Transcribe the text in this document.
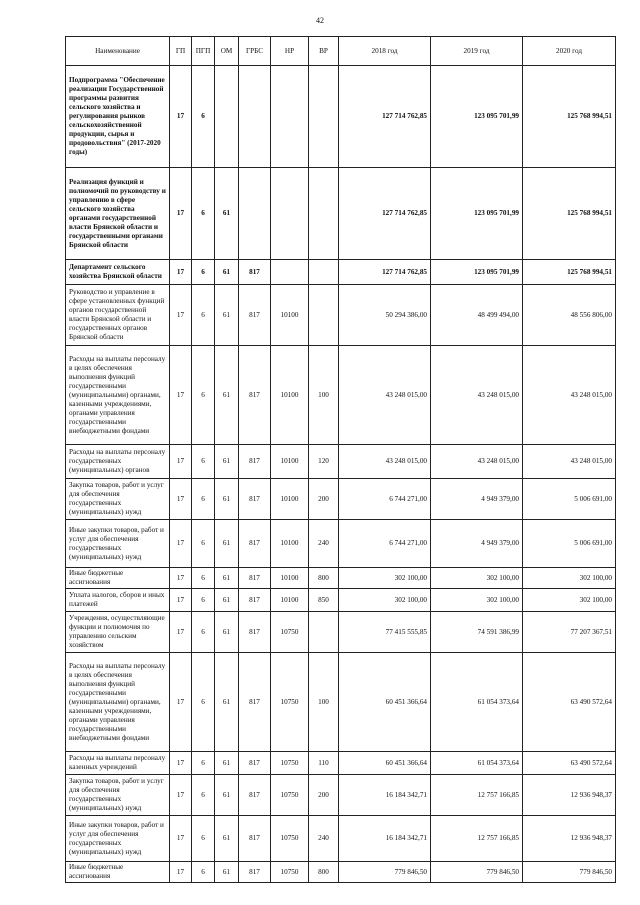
42
Наименование	ГП	ПГП	ОМ	ГРБС	НР	ВР	2018 год	2019 год	2020 год
Подпрограмма "Обеспечение реализации Государственной программы развития сельского хозяйства и регулирования рынков сельскохозяйственной продукции, сырья и продовольствия" (2017-2020 годы)	17	6					127 714 762,85	123 095 701,99	125 768 994,51
Реализация функций и полномочий по руководству и управлению в сфере сельского хозяйства органами государственной власти Брянской области и государственными органами Брянской области	17	6	61				127 714 762,85	123 095 701,99	125 768 994,51
Департамент сельского хозяйства Брянской области	17	6	61	817			127 714 762,85	123 095 701,99	125 768 994,51
Руководство и управление в сфере установленных функций органов государственной власти Брянской области и государственных органов Брянской области	17	6	61	817	10100		50 294 386,00	48 499 494,00	48 556 806,00
Расходы на выплаты персоналу в целях обеспечения выполнения функций государственными (муниципальными) органами, казенными учреждениями, органами управления государственными внебюджетными фондами	17	6	61	817	10100	100	43 248 015,00	43 248 015,00	43 248 015,00
Расходы на выплаты персоналу государственных (муниципальных) органов	17	6	61	817	10100	120	43 248 015,00	43 248 015,00	43 248 015,00
Закупка товаров, работ и услуг для обеспечения государственных (муниципальных) нужд	17	6	61	817	10100	200	6 744 271,00	4 949 379,00	5 006 691,00
Иные закупки товаров, работ и услуг для обеспечения государственных (муниципальных) нужд	17	6	61	817	10100	240	6 744 271,00	4 949 379,00	5 006 691,00
Иные бюджетные ассигнования	17	6	61	817	10100	800	302 100,00	302 100,00	302 100,00
Уплата налогов, сборов и иных платежей	17	6	61	817	10100	850	302 100,00	302 100,00	302 100,00
Учреждения, осуществляющие функции и полномочия по управлению сельским хозяйством	17	6	61	817	10750		77 415 555,85	74 591 386,99	77 207 367,51
Расходы на выплаты персоналу в целях обеспечения выполнения функций государственными (муниципальными) органами, казенными учреждениями, органами управления государственными внебюджетными фондами	17	6	61	817	10750	100	60 451 366,64	61 054 373,64	63 490 572,64
Расходы на выплаты персоналу казенных учреждений	17	6	61	817	10750	110	60 451 366,64	61 054 373,64	63 490 572,64
Закупка товаров, работ и услуг для обеспечения государственных (муниципальных) нужд	17	6	61	817	10750	200	16 184 342,71	12 757 166,85	12 936 948,37
Иные закупки товаров, работ и услуг для обеспечения государственных (муниципальных) нужд	17	6	61	817	10750	240	16 184 342,71	12 757 166,85	12 936 948,37
Иные бюджетные ассигнования	17	6	61	817	10750	800	779 846,50	779 846,50	779 846,50
